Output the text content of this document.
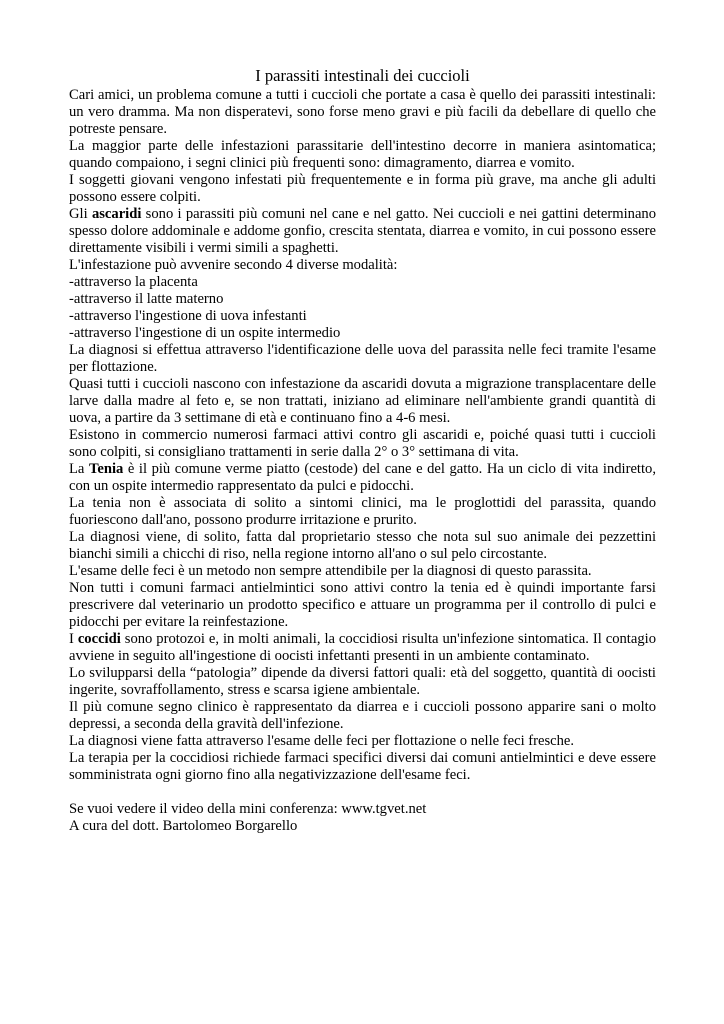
I parassiti intestinali dei cuccioli

Cari amici, un problema comune a tutti i cuccioli che portate a casa è quello dei parassiti intestinali: un vero dramma. Ma non disperatevi, sono forse meno gravi e più facili da debellare di quello che potreste pensare.

La maggior parte delle infestazioni parassitarie dell'intestino decorre in maniera asintomatica; quando compaiono, i segni clinici più frequenti sono: dimagramento, diarrea e vomito.

I soggetti giovani vengono infestati più frequentemente e in forma più grave, ma anche gli adulti possono essere colpiti.

Gli ascaridi sono i parassiti più comuni nel cane e nel gatto. Nei cuccioli e nei gattini determinano spesso dolore addominale e addome gonfio, crescita stentata, diarrea e vomito, in cui possono essere direttamente visibili i vermi simili a spaghetti.

L'infestazione può avvenire secondo 4 diverse modalità:

-attraverso la placenta

-attraverso il latte materno

-attraverso l'ingestione di uova infestanti

-attraverso l'ingestione di un ospite intermedio

La diagnosi si effettua attraverso l'identificazione delle uova del parassita nelle feci tramite l'esame per flottazione.

Quasi tutti i cuccioli nascono con infestazione da ascaridi dovuta a migrazione transplacentare delle larve dalla madre al feto e, se non trattati, iniziano ad eliminare nell'ambiente grandi quantità di uova, a partire da 3 settimane di età e continuano fino a 4-6 mesi.

Esistono in commercio numerosi farmaci attivi contro gli ascaridi e, poiché quasi tutti i cuccioli sono colpiti, si consigliano trattamenti in serie dalla 2° o 3° settimana di vita.

La Tenia è il più comune verme piatto (cestode) del cane e del gatto. Ha un ciclo di vita indiretto, con un ospite intermedio rappresentato da pulci e pidocchi.

La tenia non è associata di solito a sintomi clinici, ma le proglottidi del parassita, quando fuoriescono dall'ano, possono produrre irritazione e prurito.

La diagnosi viene, di solito, fatta dal proprietario stesso che nota sul suo animale dei pezzettini bianchi simili a chicchi di riso, nella regione intorno all'ano o sul pelo circostante.

L'esame delle feci è un metodo non sempre attendibile per la diagnosi di questo parassita.

Non tutti i comuni farmaci antielmintici sono attivi contro la tenia ed è quindi importante farsi prescrivere dal veterinario un prodotto specifico e attuare un programma per il controllo di pulci e pidocchi per evitare la reinfestazione.

I coccidi sono protozoi e, in molti animali, la coccidiosi risulta un'infezione sintomatica. Il contagio avviene in seguito all'ingestione di oocisti infettanti presenti in un ambiente contaminato.

Lo svilupparsi della “patologia” dipende da diversi fattori quali: età del soggetto, quantità di oocisti ingerite, sovraffollamento, stress e scarsa igiene ambientale.

Il più comune segno clinico è rappresentato da diarrea e i cuccioli possono apparire sani o molto depressi, a seconda della gravità dell'infezione.

La diagnosi viene fatta attraverso l'esame delle feci per flottazione o nelle feci fresche.

La terapia per la coccidiosi richiede farmaci specifici diversi dai comuni antielmintici e deve essere somministrata ogni giorno fino alla negativizzazione dell'esame feci.

Se vuoi vedere il video della mini conferenza: www.tgvet.net

A cura del dott. Bartolomeo Borgarello
